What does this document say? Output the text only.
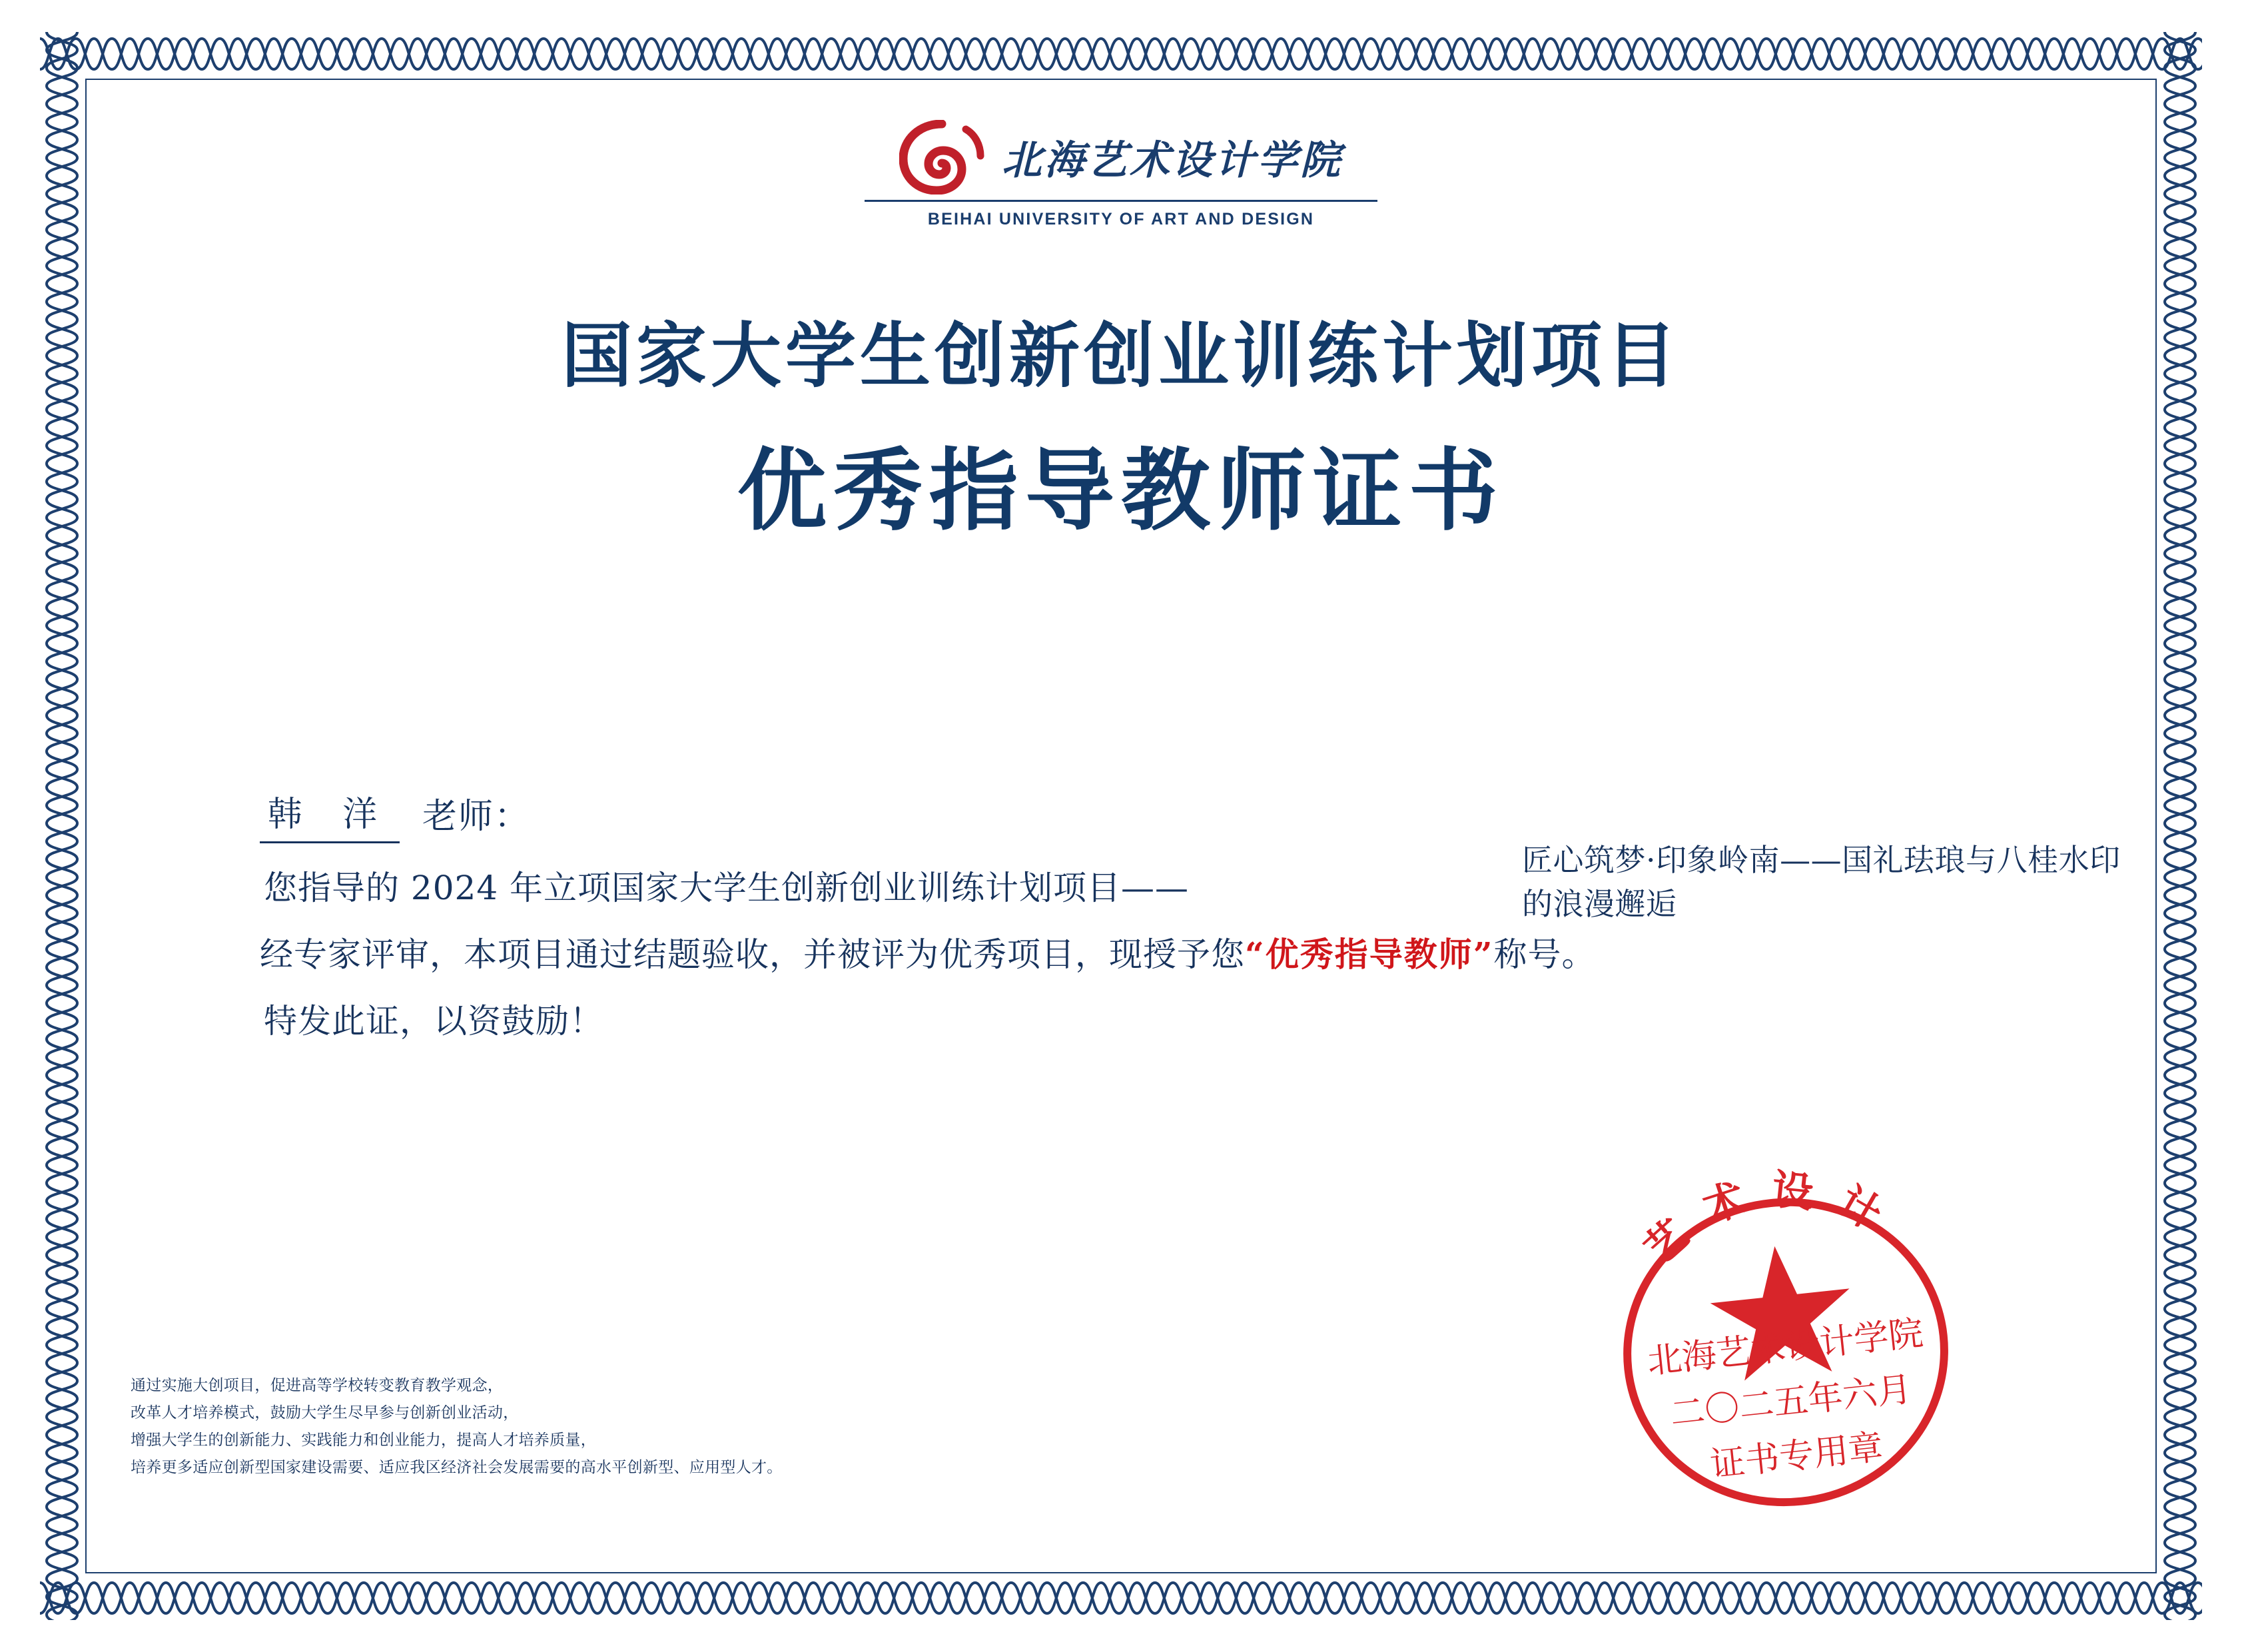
北海艺术设计学院
BEIHAI UNIVERSITY OF ART AND DESIGN
国家大学生创新创业训练计划项目
优秀指导教师证书
韩 洋 老师：
您指导的 2024 年立项国家大学生创新创业训练计划项目——
经专家评审，本项目通过结题验收，并被评为优秀项目，现授予您“优秀指导教师”称号。
特发此证，以资鼓励！
匠心筑梦·印象岭南——国礼珐琅与八桂水印的浪漫邂逅
通过实施大创项目，促进高等学校转变教育教学观念，
改革人才培养模式，鼓励大学生尽早参与创新创业活动，
增强大学生的创新能力、实践能力和创业能力，提高人才培养质量，
培养更多适应创新型国家建设需要、适应我区经济社会发展需要的高水平创新型、应用型人才。
艺术设计
北海艺术设计学院
二〇二五年六月
证书专用章
